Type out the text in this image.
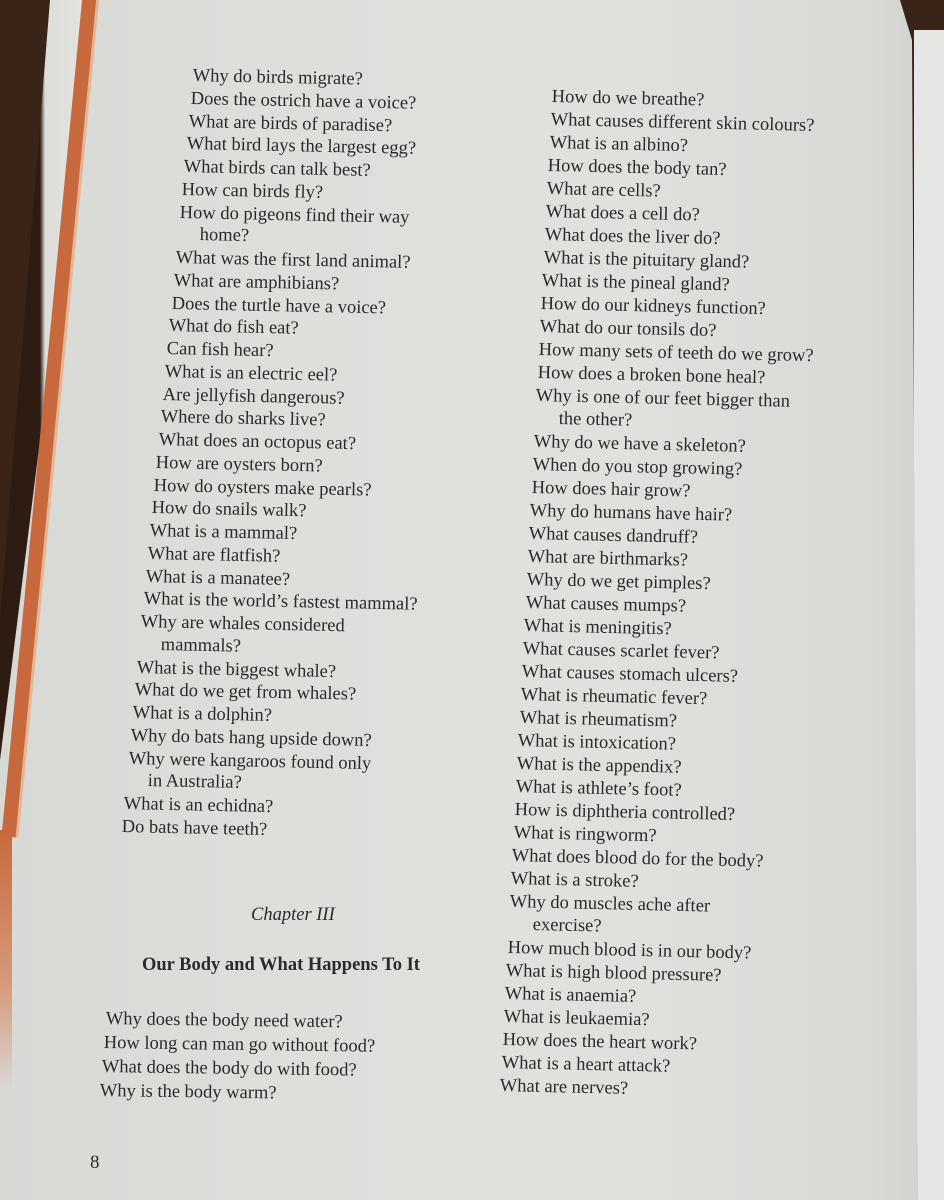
Why do birds migrate?
Does the ostrich have a voice?
What are birds of paradise?
What bird lays the largest egg?
What birds can talk best?
How can birds fly?
How do pigeons find their way
home?
What was the first land animal?
What are amphibians?
Does the turtle have a voice?
What do fish eat?
Can fish hear?
What is an electric eel?
Are jellyfish dangerous?
Where do sharks live?
What does an octopus eat?
How are oysters born?
How do oysters make pearls?
How do snails walk?
What is a mammal?
What are flatfish?
What is a manatee?
What is the world’s fastest mammal?
Why are whales considered
mammals?
What is the biggest whale?
What do we get from whales?
What is a dolphin?
Why do bats hang upside down?
Why were kangaroos found only
in Australia?
What is an echidna?
Do bats have teeth?
How do we breathe?
What causes different skin colours?
What is an albino?
How does the body tan?
What are cells?
What does a cell do?
What does the liver do?
What is the pituitary gland?
What is the pineal gland?
How do our kidneys function?
What do our tonsils do?
How many sets of teeth do we grow?
How does a broken bone heal?
Why is one of our feet bigger than
the other?
Why do we have a skeleton?
When do you stop growing?
How does hair grow?
Why do humans have hair?
What causes dandruff?
What are birthmarks?
Why do we get pimples?
What causes mumps?
What is meningitis?
What causes scarlet fever?
What causes stomach ulcers?
What is rheumatic fever?
What is rheumatism?
What is intoxication?
What is the appendix?
What is athlete’s foot?
How is diphtheria controlled?
What is ringworm?
What does blood do for the body?
What is a stroke?
Why do muscles ache after
exercise?
How much blood is in our body?
What is high blood pressure?
What is anaemia?
What is leukaemia?
How does the heart work?
What is a heart attack?
What are nerves?
Chapter III
Our Body and What Happens To It
Why does the body need water?
How long can man go without food?
What does the body do with food?
Why is the body warm?
8
